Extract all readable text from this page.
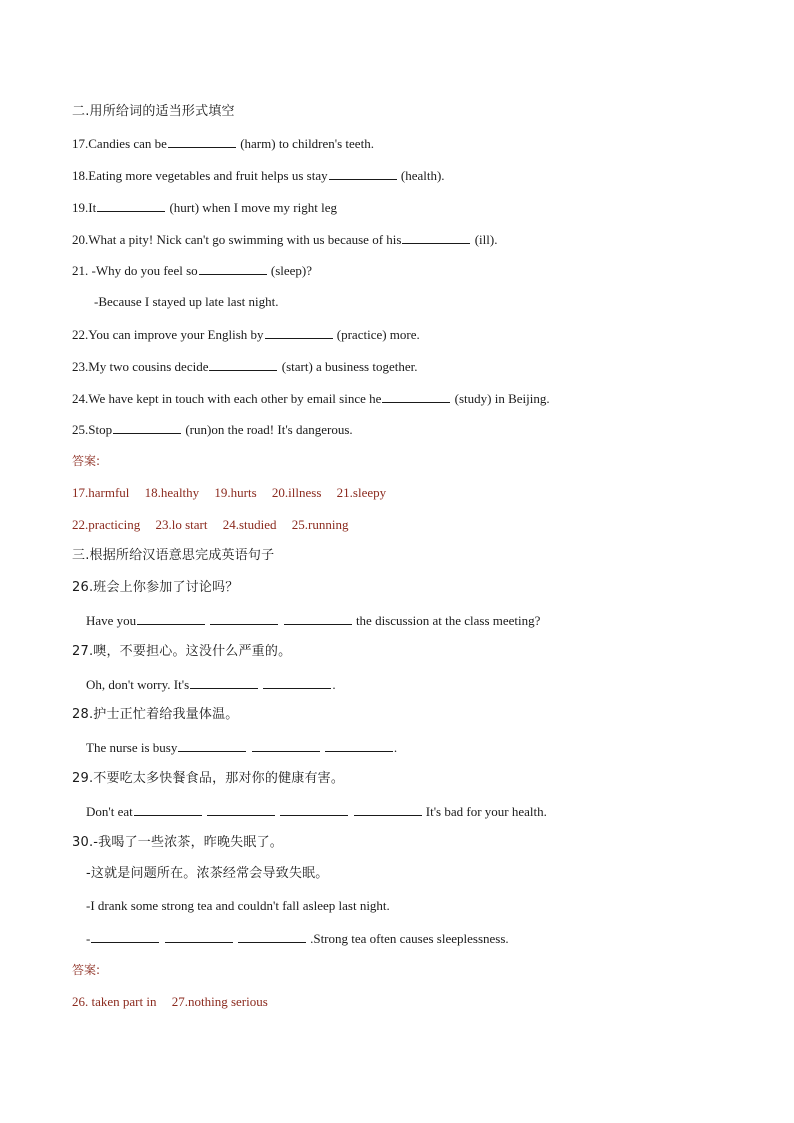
二.用所给词的适当形式填空
17.Candies can be	(harm) to children's teeth.
18.Eating more vegetables and fruit helps us stay	(health).
19.It	(hurt) when I move my right leg
20.What a pity! Nick can't go swimming with us because of his	(ill).
21. -Why do you feel so	(sleep)?
-Because I stayed up late last night.
22.You can improve your English by	(practice) more.
23.My two cousins decide	(start) a business together.
24.We have kept in touch with each other by email since he	(study) in Beijing.
25.Stop	(run)on the road! It's dangerous.
答案:
17.harmful 18.healthy 19.hurts 20.illness 21.sleepy
22.practicing 23.lo start 24.studied 25.running
三.根据所给汉语意思完成英语句子
26.班会上你参加了讨论吗？
Have you	the discussion at the class meeting?
27.噢，不要担心。这没什么严重的。
Oh, don't worry. It's	.
28.护士正忙着给我量体温。
The nurse is busy	.
29.不要吃太多快餐食品，那对你的健康有害。
Don't eat	It's bad for your health.
30.-我喝了一些浓茶，昨晚失眠了。
-这就是问题所在。浓茶经常会导致失眠。
-I drank some strong tea and couldn't fall asleep last night.
-	.Strong tea often causes sleeplessness.
答案:
26. taken part in 27.nothing serious
